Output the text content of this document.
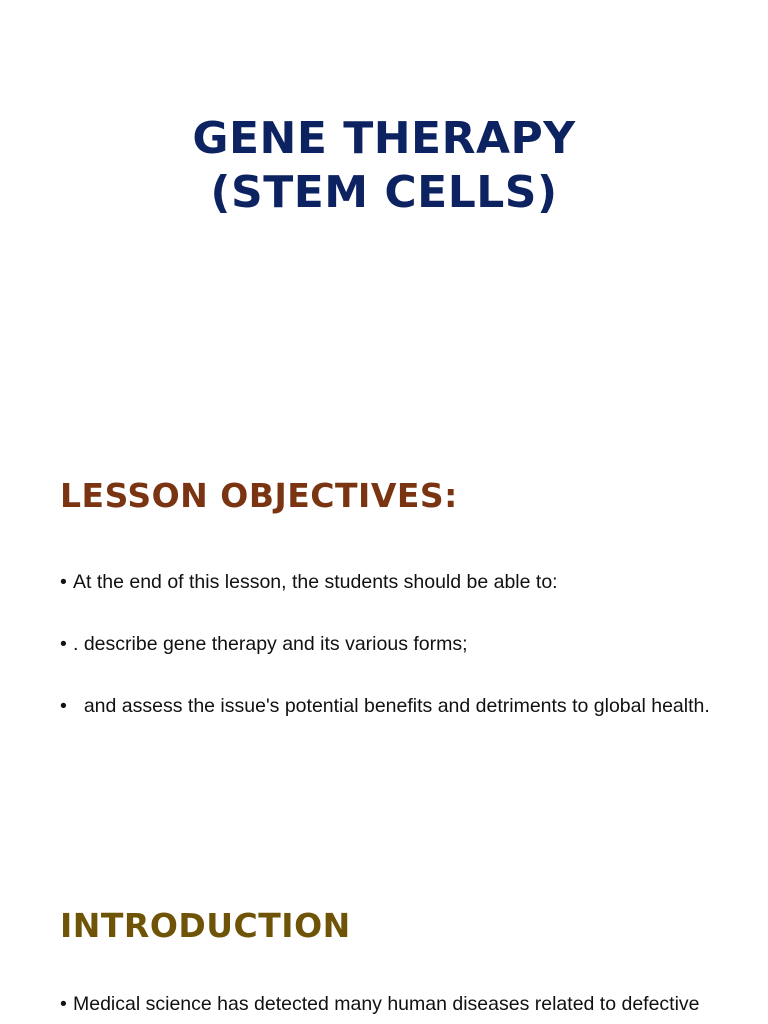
GENE THERAPY
(STEM CELLS)
LESSON OBJECTIVES:
• At the end of this lesson, the students should be able to:
• . describe gene therapy and its various forms;
•  and assess the issue's potential benefits and detriments to global health.
INTRODUCTION
• Medical science has detected many human diseases related to defective
